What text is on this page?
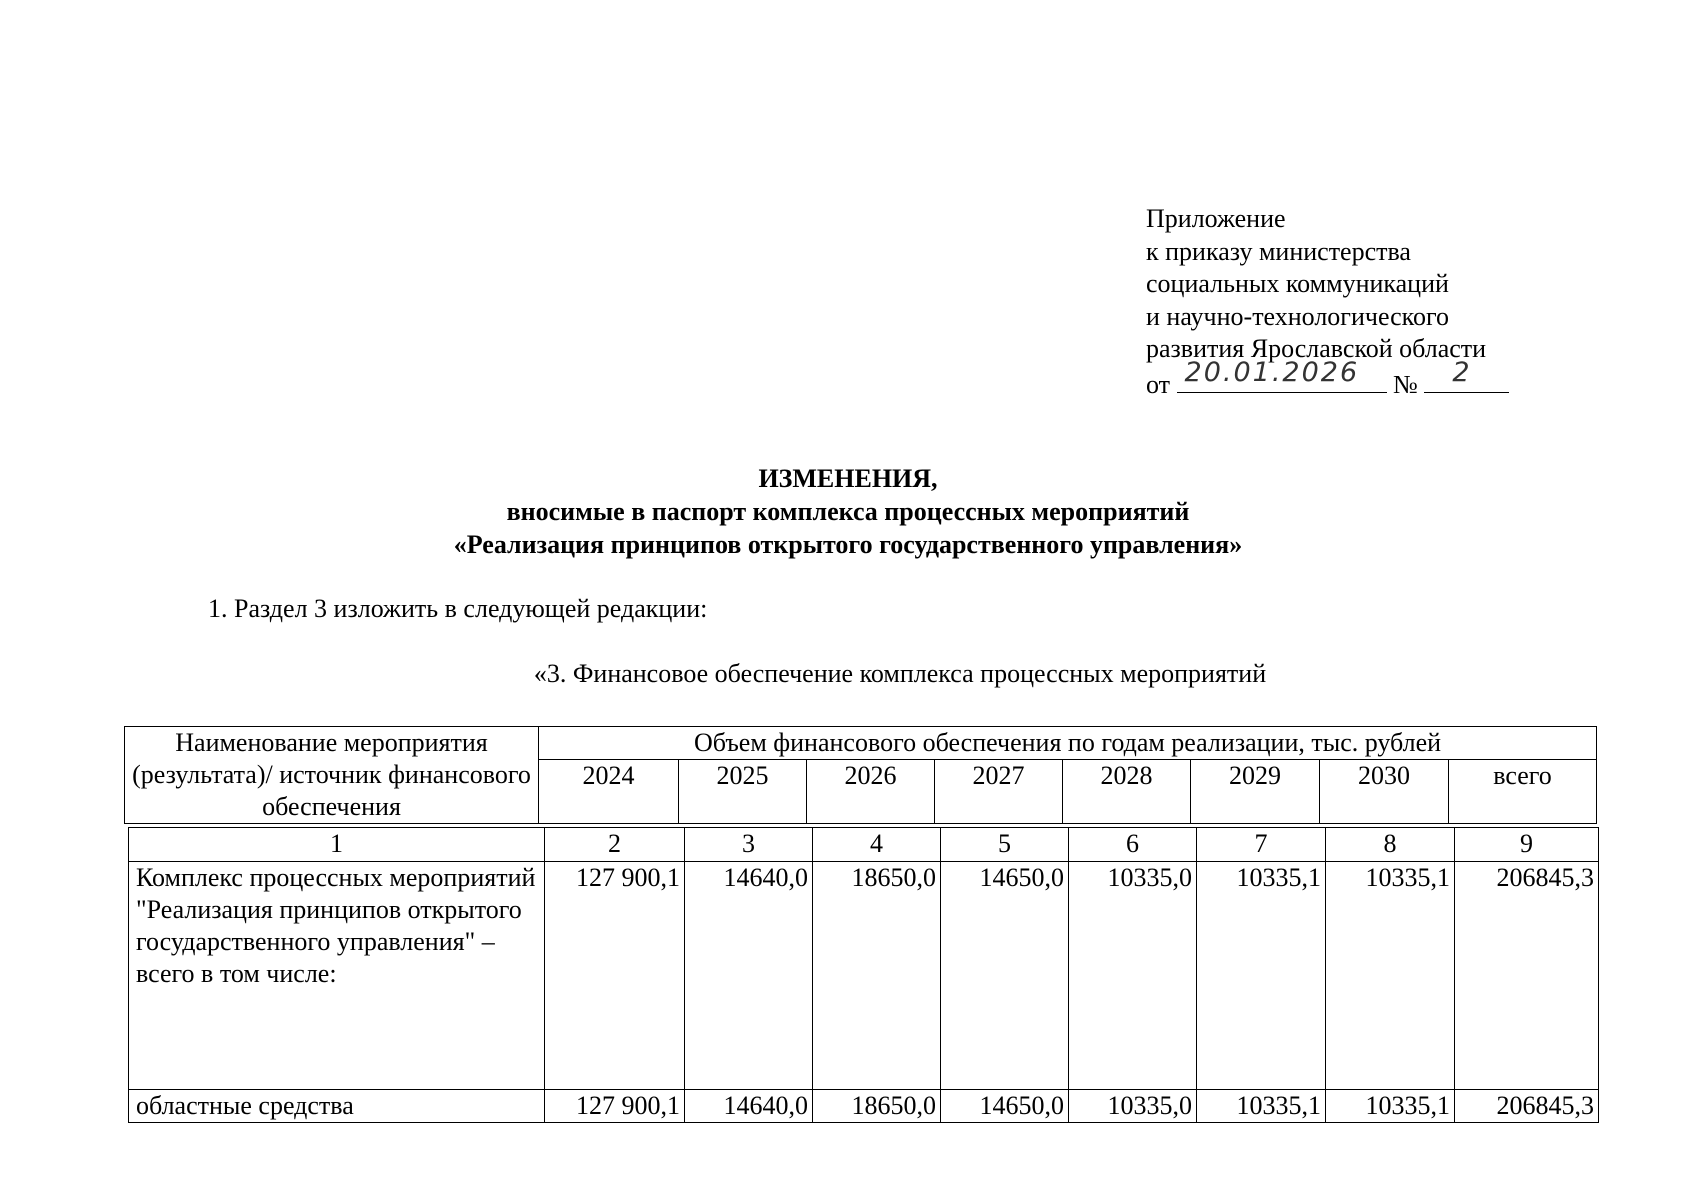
Приложение
к приказу министерства
социальных коммуникаций
и научно-технологического
развития Ярославской области
от 20.01.2026 № 2
ИЗМЕНЕНИЯ,
вносимые в паспорт комплекса процессных мероприятий
«Реализация принципов открытого государственного управления»
1. Раздел 3 изложить в следующей редакции:
«3. Финансовое обеспечение комплекса процессных мероприятий
Наименование мероприятия (результата)/ источник финансового обеспечения	Объем финансового обеспечения по годам реализации, тыс. рублей							
	2024	2025	2026	2027	2028	2029	2030	всего
1	2	3	4	5	6	7	8	9
Комплекс процессных мероприятий "Реализация принципов открытого государственного управления" – всего в том числе:	127 900,1	14640,0	18650,0	14650,0	10335,0	10335,1	10335,1	206845,3
областные средства	127 900,1	14640,0	18650,0	14650,0	10335,0	10335,1	10335,1	206845,3
